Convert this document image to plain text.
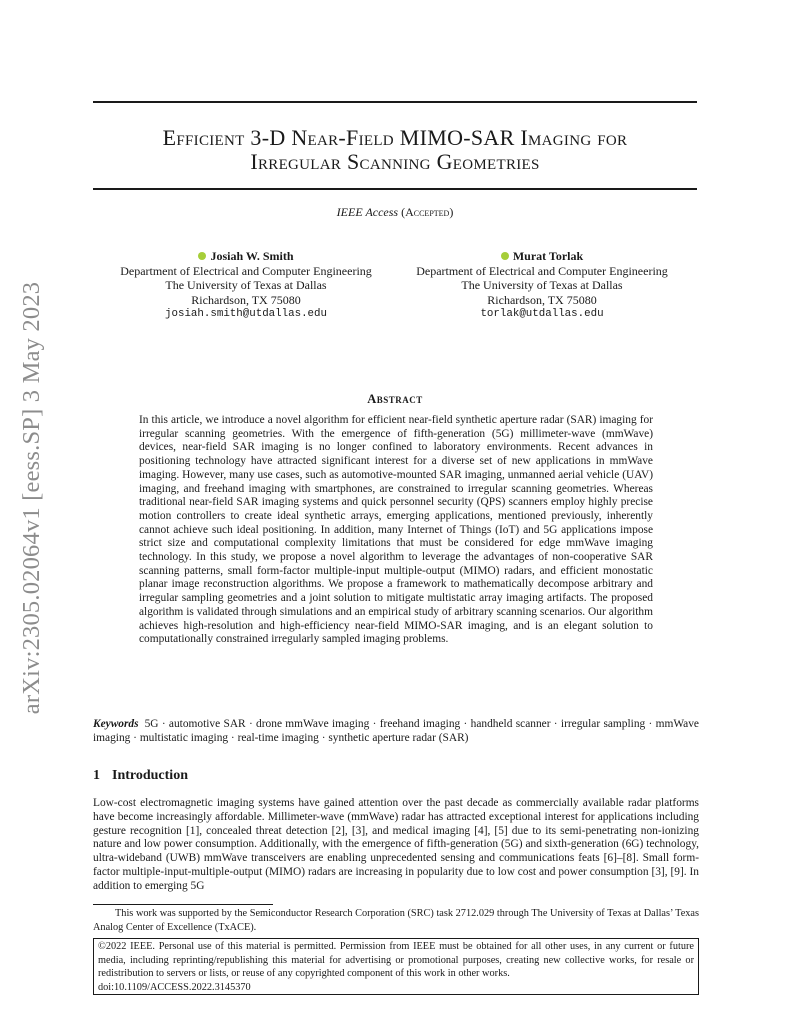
arXiv:2305.02064v1 [eess.SP] 3 May 2023
Efficient 3-D Near-Field MIMO-SAR Imaging for
Irregular Scanning Geometries
IEEE Access (Accepted)
Josiah W. Smith
Department of Electrical and Computer Engineering
The University of Texas at Dallas
Richardson, TX 75080
josiah.smith@utdallas.edu
Murat Torlak
Department of Electrical and Computer Engineering
The University of Texas at Dallas
Richardson, TX 75080
torlak@utdallas.edu
Abstract

In this article, we introduce a novel algorithm for efficient near-field synthetic aperture radar (SAR) imaging for irregular scanning geometries. With the emergence of fifth-generation (5G) millimeter-wave (mmWave) devices, near-field SAR imaging is no longer confined to laboratory environments. Recent advances in positioning technology have attracted significant interest for a diverse set of new applications in mmWave imaging. However, many use cases, such as automotive-mounted SAR imaging, unmanned aerial vehicle (UAV) imaging, and freehand imaging with smartphones, are constrained to irregular scanning geometries. Whereas traditional near-field SAR imaging systems and quick personnel security (QPS) scanners employ highly precise motion controllers to create ideal synthetic arrays, emerging applications, mentioned previously, inherently cannot achieve such ideal positioning. In addition, many Internet of Things (IoT) and 5G applications impose strict size and computational complexity limitations that must be considered for edge mmWave imaging technology. In this study, we propose a novel algorithm to leverage the advantages of non-cooperative SAR scanning patterns, small form-factor multiple-input multiple-output (MIMO) radars, and efficient monostatic planar image reconstruction algorithms. We propose a framework to mathematically decompose arbitrary and irregular sampling geometries and a joint solution to mitigate multistatic array imaging artifacts. The proposed algorithm is validated through simulations and an empirical study of arbitrary scanning scenarios. Our algorithm achieves high-resolution and high-efficiency near-field MIMO-SAR imaging, and is an elegant solution to computationally constrained irregularly sampled imaging problems.

Keywords 5G · automotive SAR · drone mmWave imaging · freehand imaging · handheld scanner · irregular sampling · mmWave imaging · multistatic imaging · real-time imaging · synthetic aperture radar (SAR)

1 Introduction

Low-cost electromagnetic imaging systems have gained attention over the past decade as commercially available radar platforms have become increasingly affordable. Millimeter-wave (mmWave) radar has attracted exceptional interest for applications including gesture recognition [1], concealed threat detection [2], [3], and medical imaging [4], [5] due to its semi-penetrating non-ionizing nature and low power consumption. Additionally, with the emergence of fifth-generation (5G) and sixth-generation (6G) technology, ultra-wideband (UWB) mmWave transceivers are enabling unprecedented sensing and communications feats [6]–[8]. Small form-factor multiple-input-multiple-output (MIMO) radars are increasing in popularity due to low cost and power consumption [3], [9]. In addition to emerging 5G

This work was supported by the Semiconductor Research Corporation (SRC) task 2712.029 through The University of Texas at Dallas’ Texas Analog Center of Excellence (TxACE).

©2022 IEEE. Personal use of this material is permitted. Permission from IEEE must be obtained for all other uses, in any current or future media, including reprinting/republishing this material for advertising or promotional purposes, creating new collective works, for resale or redistribution to servers or lists, or reuse of any copyrighted component of this work in other works.
doi:10.1109/ACCESS.2022.3145370
